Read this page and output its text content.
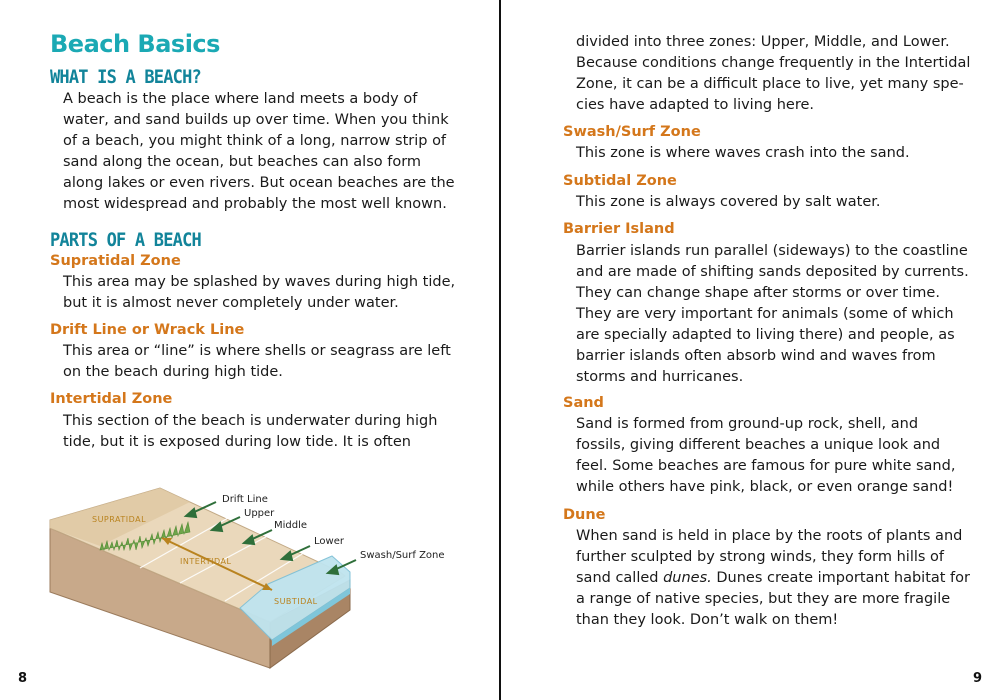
Beach Basics
WHAT IS A BEACH?

A beach is the place where land meets a body of

water, and sand builds up over time. When you think

of a beach, you might think of a long, narrow strip of

sand along the ocean, but beaches can also form

along lakes or even rivers. But ocean beaches are the

most widespread and probably the most well known.

PARTS OF A BEACH
Supratidal Zone

This area may be splashed by waves during high tide,

but it is almost never completely under water.

Drift Line or Wrack Line

This area or “line” is where shells or seagrass are left

on the beach during high tide.

Intertidal Zone

This section of the beach is underwater during high

tide, but it is exposed during low tide. It is often

Drift Line
Upper
Middle
Lower
Swash/Surf Zone
SUPRATIDAL
INTERTIDAL
SUBTIDAL
8

divided into three zones: Upper, Middle, and Lower.

Because conditions change frequently in the Intertidal

Zone, it can be a difficult place to live, yet many spe-

cies have adapted to living here.

Swash/Surf Zone

This zone is where waves crash into the sand.

Subtidal Zone

This zone is always covered by salt water.

Barrier Island

Barrier islands run parallel (sideways) to the coastline

and are made of shifting sands deposited by currents.

They can change shape after storms or over time.

They are very important for animals (some of which

are specially adapted to living there) and people, as

barrier islands often absorb wind and waves from

storms and hurricanes.

Sand

Sand is formed from ground-up rock, shell, and

fossils, giving different beaches a unique look and

feel. Some beaches are famous for pure white sand,

while others have pink, black, or even orange sand!

Dune

When sand is held in place by the roots of plants and

further sculpted by strong winds, they form hills of

sand called dunes. Dunes create important habitat for

a range of native species, but they are more fragile

than they look. Don’t walk on them!

9
